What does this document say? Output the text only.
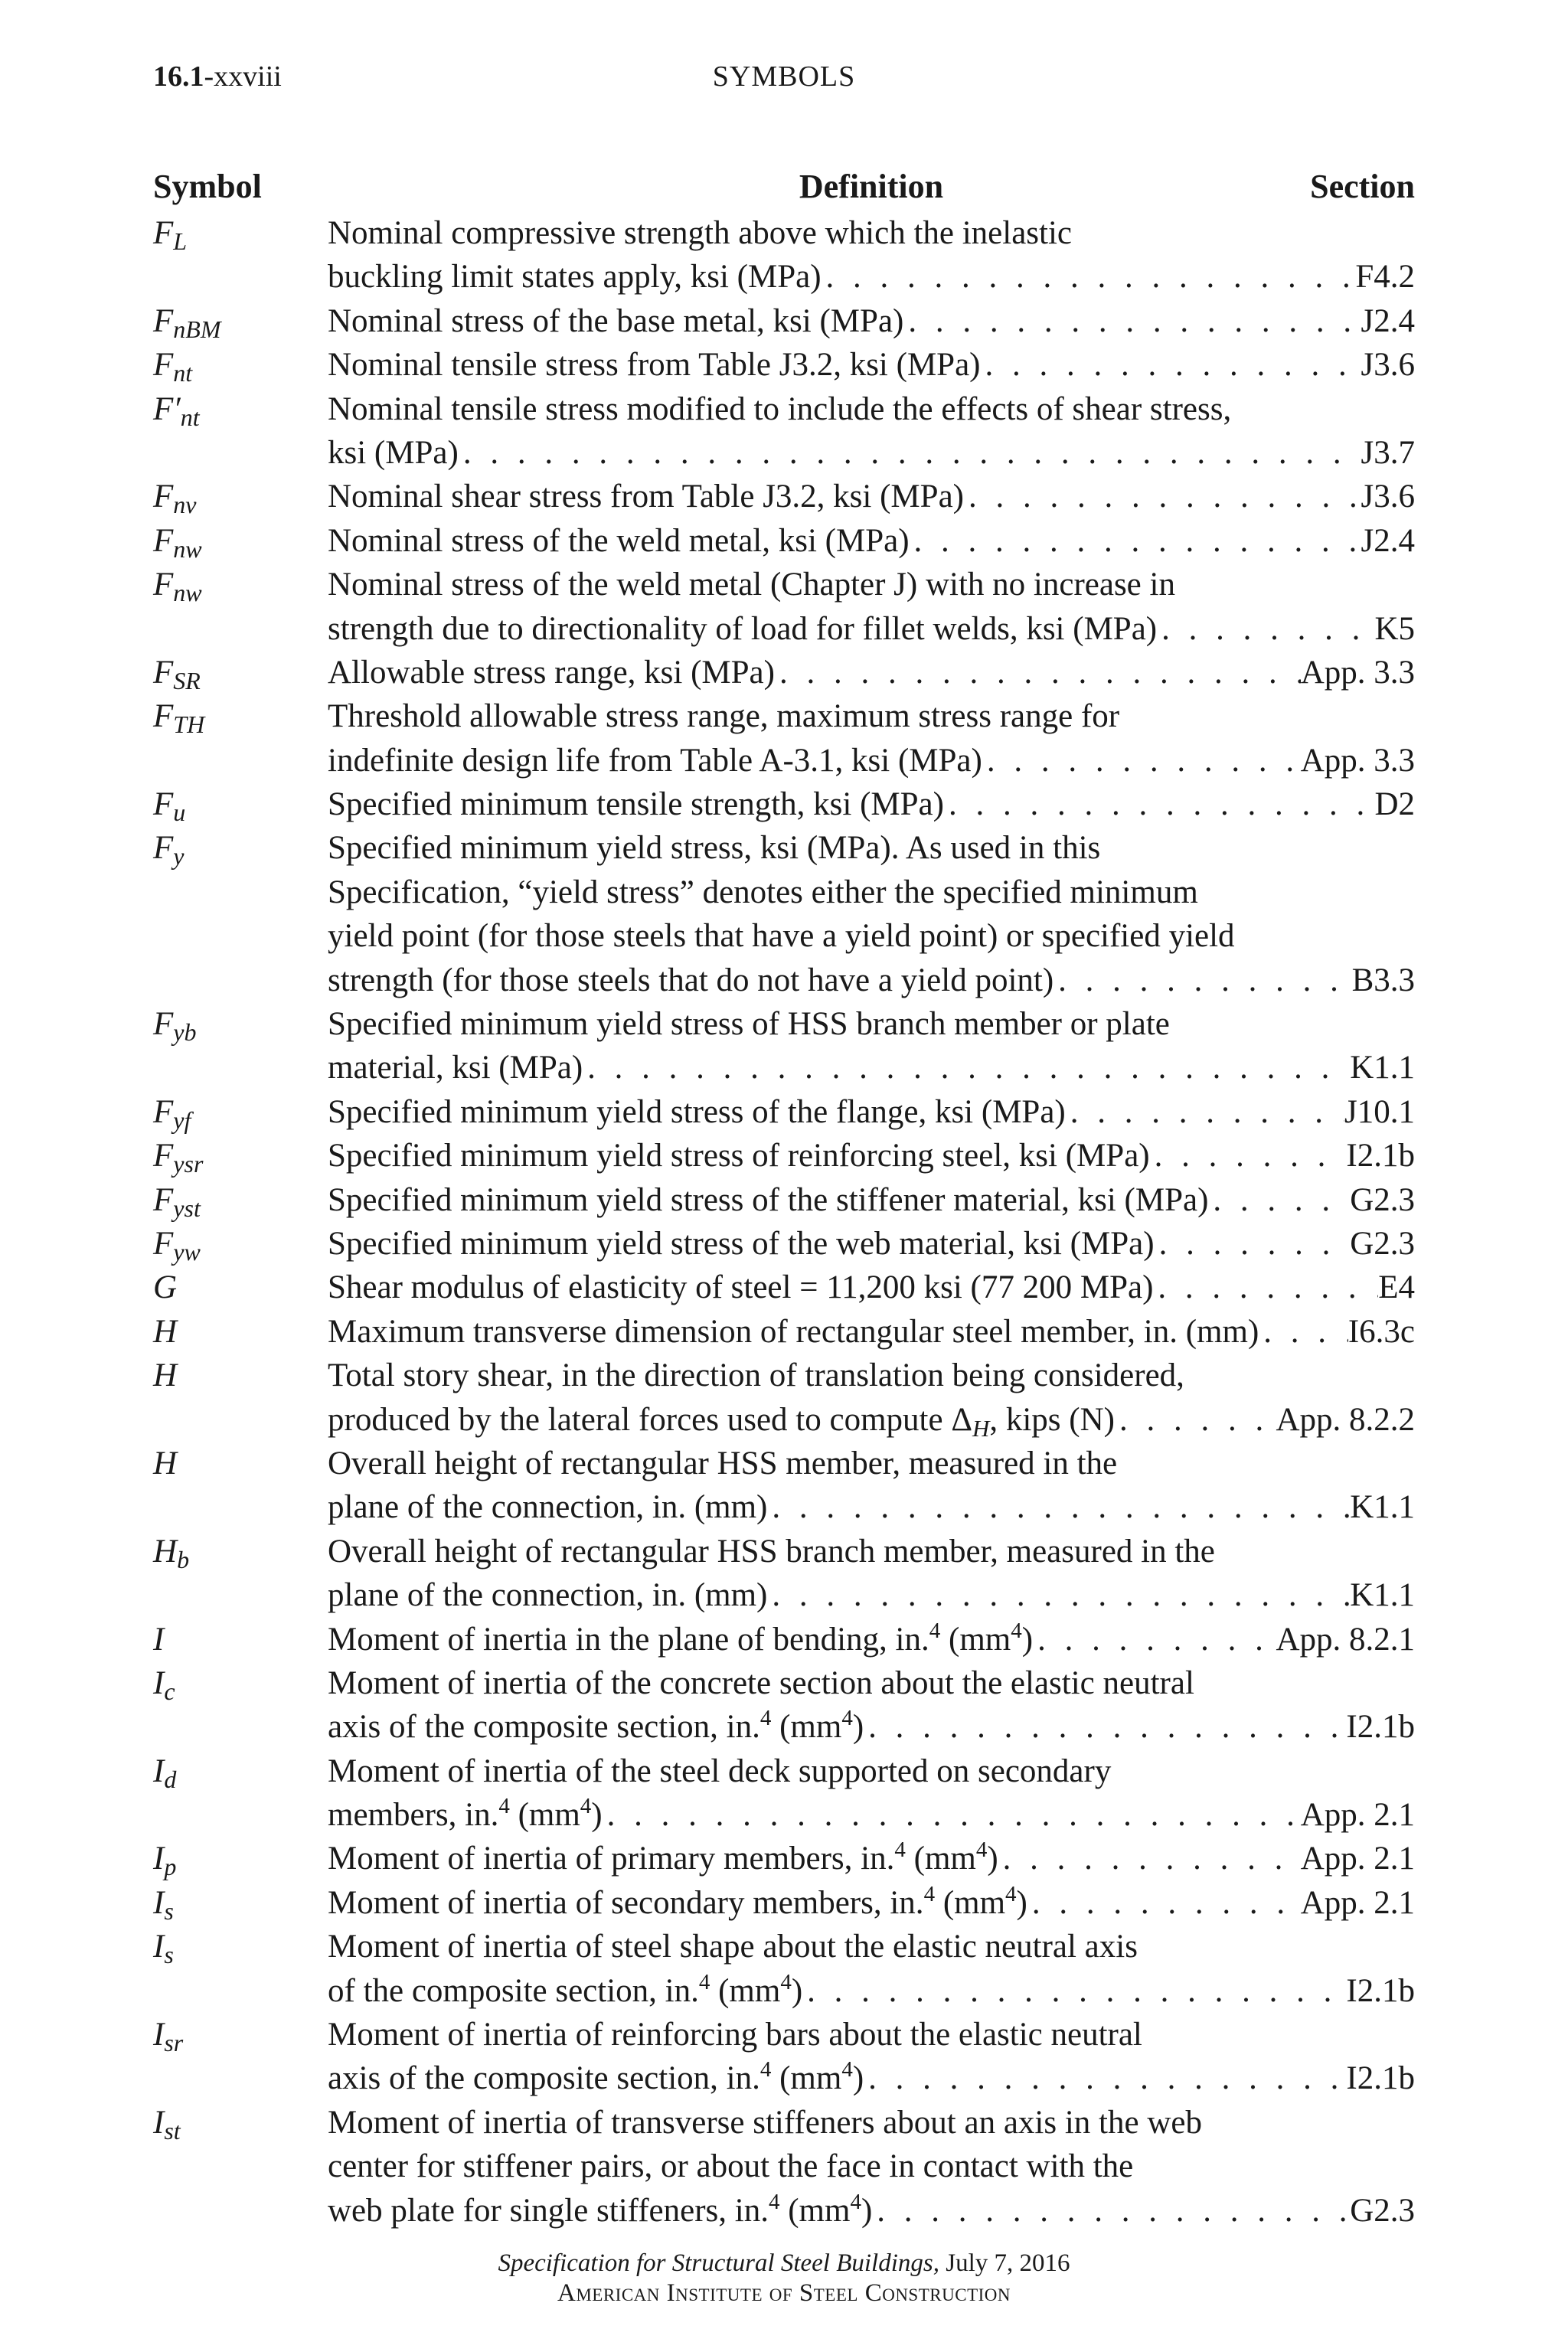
16.1-xxviii	SYMBOLS
Symbol	Definition	Section
$F_L$	Nominal compressive strength above which the inelastic
buckling limit states apply, ksi (MPa) . . .	F4.2
$F_{nBM}$	Nominal stress of the base metal, ksi (MPa) . . .	J2.4
$F_{nt}$	Nominal tensile stress from Table J3.2, ksi (MPa) . . .	J3.6
$F'_{nt}$	Nominal tensile stress modified to include the effects of shear stress,
ksi (MPa) . . .	J3.7
$F_{nv}$	Nominal shear stress from Table J3.2, ksi (MPa) . . .	J3.6
$F_{nw}$	Nominal stress of the weld metal, ksi (MPa) . . .	J2.4
$F_{nw}$	Nominal stress of the weld metal (Chapter J) with no increase in
strength due to directionality of load for fillet welds, ksi (MPa) . . .	K5
$F_{SR}$	Allowable stress range, ksi (MPa) . . .	App. 3.3
$F_{TH}$	Threshold allowable stress range, maximum stress range for
indefinite design life from Table A-3.1, ksi (MPa) . . .	App. 3.3
$F_u$	Specified minimum tensile strength, ksi (MPa) . . .	D2
$F_y$	Specified minimum yield stress, ksi (MPa). As used in this
Specification, “yield stress” denotes either the specified minimum
yield point (for those steels that have a yield point) or specified yield
strength (for those steels that do not have a yield point) . . .	B3.3
$F_{yb}$	Specified minimum yield stress of HSS branch member or plate
material, ksi (MPa) . . .	K1.1
$F_{yf}$	Specified minimum yield stress of the flange, ksi (MPa) . . .	J10.1
$F_{ysr}$	Specified minimum yield stress of reinforcing steel, ksi (MPa) . . .	I2.1b
$F_{yst}$	Specified minimum yield stress of the stiffener material, ksi (MPa) . . .	G2.3
$F_{yw}$	Specified minimum yield stress of the web material, ksi (MPa) . . .	G2.3
G	Shear modulus of elasticity of steel = 11,200 ksi (77 200 MPa) . . .	E4
H	Maximum transverse dimension of rectangular steel member, in. (mm) . . .	I6.3c
H	Total story shear, in the direction of translation being considered,
produced by the lateral forces used to compute ΔH, kips (N) . . .	App. 8.2.2
H	Overall height of rectangular HSS member, measured in the
plane of the connection, in. (mm) . . .	K1.1
$H_b$	Overall height of rectangular HSS branch member, measured in the
plane of the connection, in. (mm) . . .	K1.1
I	Moment of inertia in the plane of bending, in.$^4$ $(mm^4)$ . . .	App. 8.2.1
$I_c$	Moment of inertia of the concrete section about the elastic neutral
axis of the composite section, in.$^4$ $(mm^4)$ . . .	I2.1b
$I_d$	Moment of inertia of the steel deck supported on secondary
members, in.$^4$ $(mm^4)$ . . .	App. 2.1
$I_p$	Moment of inertia of primary members, in.$^4$ $(mm^4)$ . . .	App. 2.1
$I_s$	Moment of inertia of secondary members, in.$^4$ $(mm^4)$ . . .	App. 2.1
$I_s$	Moment of inertia of steel shape about the elastic neutral axis
of the composite section, in.$^4$ $(mm^4)$ . . .	I2.1b
$I_{sr}$	Moment of inertia of reinforcing bars about the elastic neutral
axis of the composite section, in.$^4$ $(mm^4)$ . . .	I2.1b
$I_{st}$	Moment of inertia of transverse stiffeners about an axis in the web
center for stiffener pairs, or about the face in contact with the
web plate for single stiffeners, in.$^4$ $(mm^4)$ . . .	G2.3
Specification for Structural Steel Buildings, July 7, 2016
American Institute of Steel Construction
